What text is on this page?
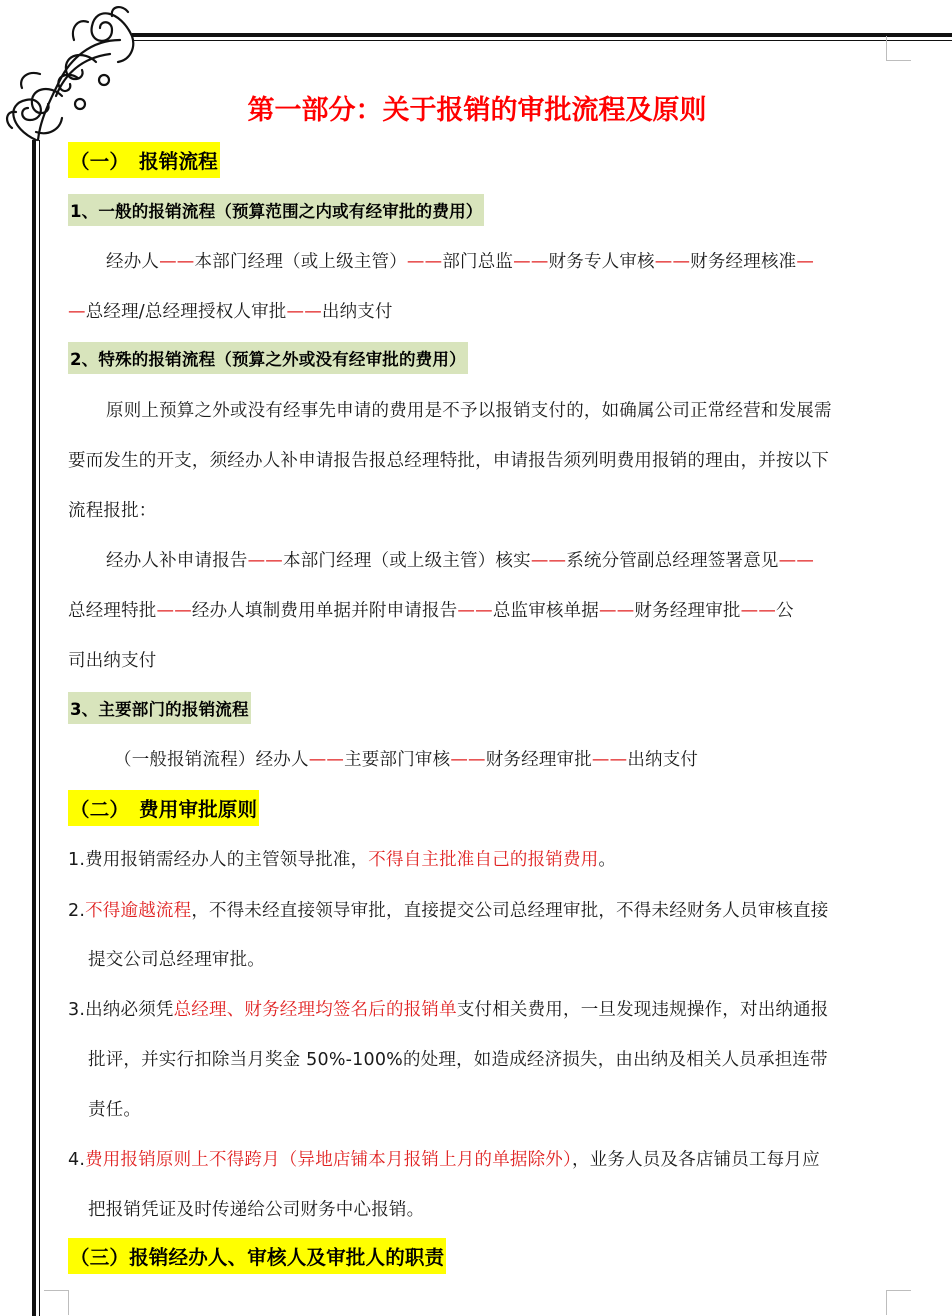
第一部分：关于报销的审批流程及原则
（一）　报销流程
1、一般的报销流程（预算范围之内或有经审批的费用）
经办人——本部门经理（或上级主管）——部门总监——财务专人审核——财务经理核准—
—总经理/总经理授权人审批——出纳支付
2、特殊的报销流程（预算之外或没有经审批的费用）
原则上预算之外或没有经事先申请的费用是不予以报销支付的，如确属公司正常经营和发展需
要而发生的开支，须经办人补申请报告报总经理特批，申请报告须列明费用报销的理由，并按以下
流程报批：
经办人补申请报告——本部门经理（或上级主管）核实——系统分管副总经理签署意见——
总经理特批——经办人填制费用单据并附申请报告——总监审核单据——财务经理审批——公
司出纳支付
3、主要部门的报销流程
（一般报销流程）经办人——主要部门审核——财务经理审批——出纳支付
（二）　费用审批原则
1.费用报销需经办人的主管领导批准，不得自主批准自己的报销费用。
2.不得逾越流程，不得未经直接领导审批，直接提交公司总经理审批，不得未经财务人员审核直接
提交公司总经理审批。
3.出纳必须凭总经理、财务经理均签名后的报销单支付相关费用，一旦发现违规操作，对出纳通报
批评，并实行扣除当月奖金 50%-100%的处理，如造成经济损失，由出纳及相关人员承担连带
责任。
4.费用报销原则上不得跨月（异地店铺本月报销上月的单据除外），业务人员及各店铺员工每月应
把报销凭证及时传递给公司财务中心报销。
（三）报销经办人、审核人及审批人的职责
